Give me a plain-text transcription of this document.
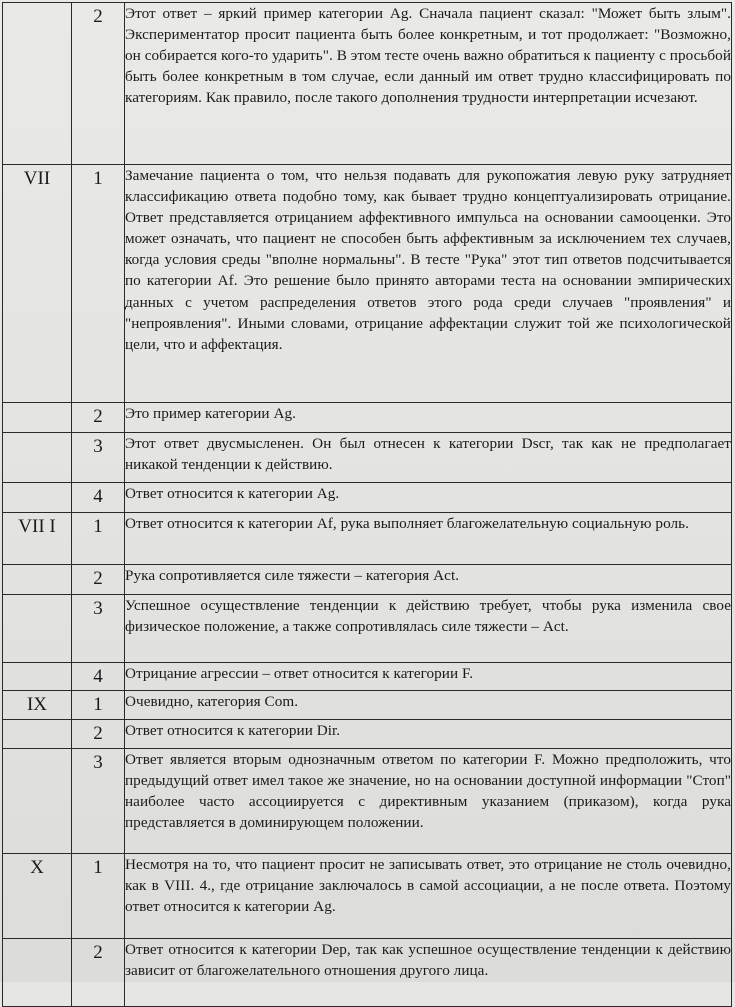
	2	Этот ответ – яркий пример категории Ag. Сначала пациент сказал: "Может быть злым". Экспериментатор просит пациента быть более конкретным, и тот продолжает: "Возможно, он собирается кого-то ударить". В этом тесте очень важно обратиться к пациенту с просьбой быть более конкретным в том случае, если данный им ответ трудно классифицировать по категориям. Как правило, после такого дополнения трудности интерпретации исчезают.

VII	1	Замечание пациента о том, что нельзя подавать для рукопожатия левую руку затрудняет классификацию ответа подобно тому, как бывает трудно концептуализировать отрицание. Ответ представляется отрицанием аффективного импульса на основании самооценки. Это может означать, что пациент не способен быть аффективным за исключением тех случаев, когда условия среды "вполне нормальны". В тесте "Рука" этот тип ответов подсчитывается по категории Af. Это решение было принято авторами теста на основании эмпирических данных с учетом распределения ответов этого рода среди случаев "проявления" и "непроявления". Иными словами, отрицание аффектации служит той же психологической цели, что и аффектация.

	2	Это пример категории Ag.

	3	Этот ответ двусмысленен. Он был отнесен к категории Dscr, так как не предполагает никакой тенденции к действию.

	4	Ответ относится к категории Ag.

VII I	1	Ответ относится к категории Af, рука выполняет благожелательную социальную роль.

	2	Рука сопротивляется силе тяжести – категория Act.

	3	Успешное осуществление тенденции к действию требует, чтобы рука изменила свое физическое положение, а также сопротивлялась силе тяжести – Act.

	4	Отрицание агрессии – ответ относится к категории F.

IX	1	Очевидно, категория Com.

	2	Ответ относится к категории Dir.

	3	Ответ является вторым однозначным ответом по категории F. Можно предположить, что предыдущий ответ имел такое же значение, но на основании доступной информации "Стоп" наиболее часто ассоциируется с директивным указанием (приказом), когда рука представляется в доминирующем положении.

X	1	Несмотря на то, что пациент просит не записывать ответ, это отрицание не столь очевидно, как в VIII. 4., где отрицание заключалось в самой ассоциации, а не после ответа. Поэтому ответ относится к категории Ag.

	2	Ответ относится к категории Dep, так как успешное осуществление тенденции к действию зависит от благожелательного отношения другого лица.
